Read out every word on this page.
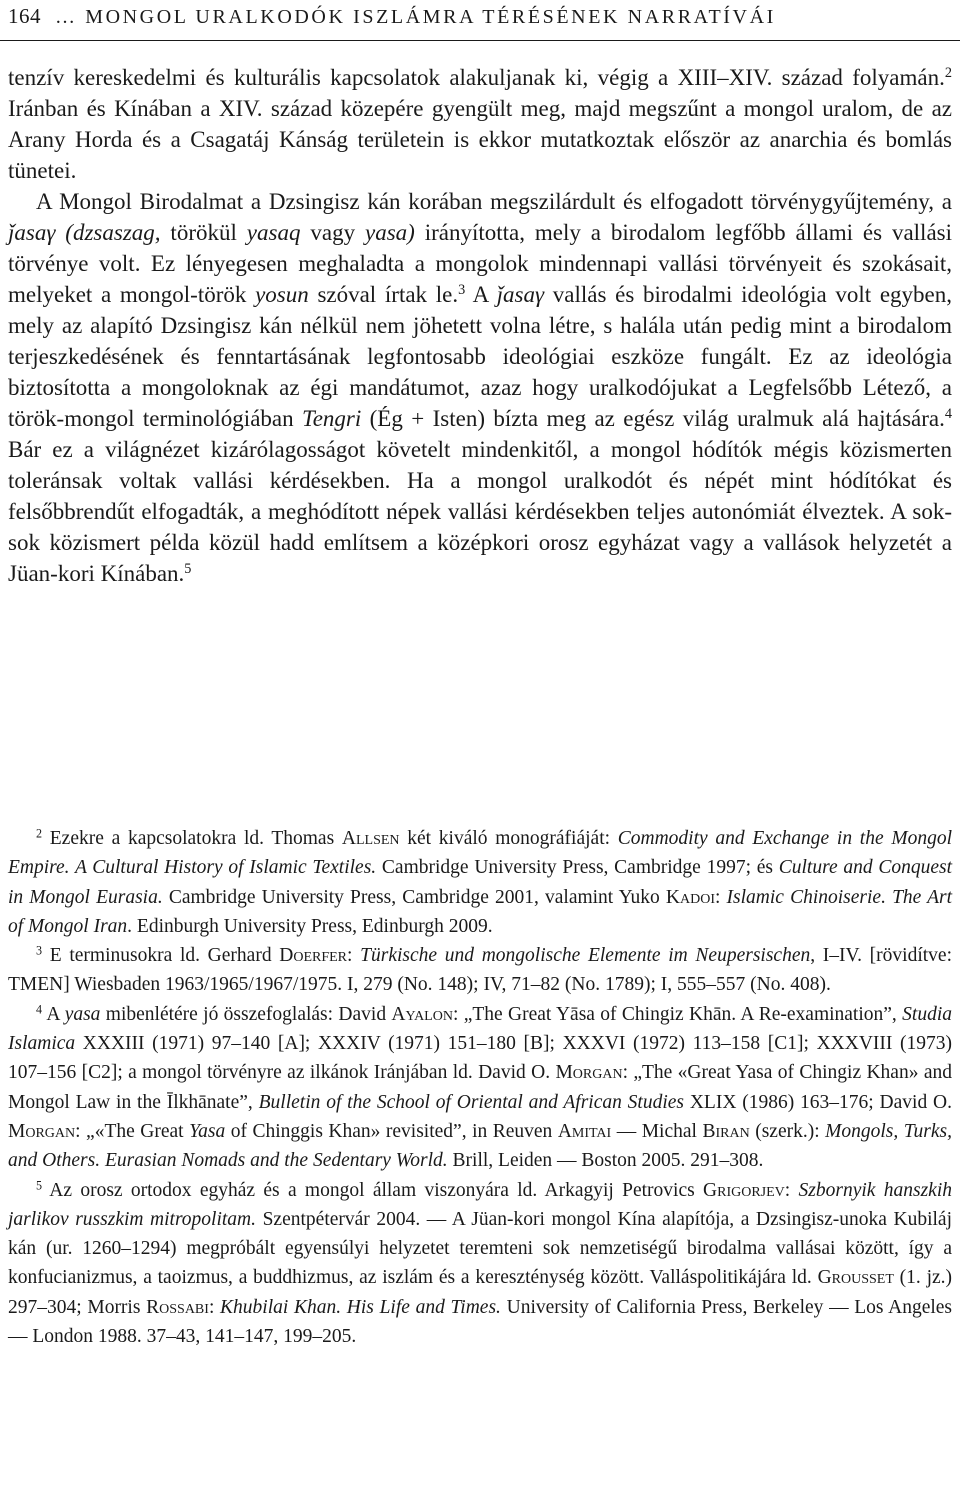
164 … MONGOL URALKODÓK ISZLÁMRA TÉRÉSÉNEK NARRATÍVÁI

tenzív kereskedelmi és kulturális kapcsolatok alakuljanak ki, végig a XIII–XIV. század folyamán.$^2$ Iránban és Kínában a XIV. század közepére gyengült meg, majd megszűnt a mongol uralom, de az Arany Horda és a Csagatáj Kánság területein is ekkor mutatkoztak először az anarchia és bomlás tünetei.

A Mongol Birodalmat a Dzsingisz kán korában megszilárdult és elfogadott törvénygyűjtemény, a ǰasaγ (dzsaszag, törökül yasaq vagy yasa) irányította, mely a birodalom legfőbb állami és vallási törvénye volt. Ez lényegesen meghaladta a mongolok mindennapi vallási törvényeit és szokásait, melyeket a mongol-török yosun szóval írtak le.$^3$ A ǰasaγ vallás és birodalmi ideológia volt egyben, mely az alapító Dzsingisz kán nélkül nem jöhetett volna létre, s halála után pedig mint a birodalom terjeszkedésének és fenntartásának legfontosabb ideológiai eszköze fungált. Ez az ideológia biztosította a mongoloknak az égi mandátumot, azaz hogy uralkodójukat a Legfelsőbb Létező, a török-mongol terminológiában Tengri (Ég + Isten) bízta meg az egész világ uralmuk alá hajtására.$^4$ Bár ez a világnézet kizárólagosságot követelt mindenkitől, a mongol hódítók mégis közismerten toleránsak voltak vallási kérdésekben. Ha a mongol uralkodót és népét mint hódítókat és felsőbbrendűt elfogadták, a meghódított népek vallási kérdésekben teljes autonómiát élveztek. A sok-sok közismert példa közül hadd említsem a középkori orosz egyházat vagy a vallások helyzetét a Jüan-kori Kínában.$^5$

$^2$ Ezekre a kapcsolatokra ld. Thomas Allsen két kiváló monográfiáját: Commodity and Exchange in the Mongol Empire. A Cultural History of Islamic Textiles. Cambridge University Press, Cambridge 1997; és Culture and Conquest in Mongol Eurasia. Cambridge University Press, Cambridge 2001, valamint Yuko Kadoi: Islamic Chinoiserie. The Art of Mongol Iran. Edinburgh University Press, Edinburgh 2009.

$^3$ E terminusokra ld. Gerhard Doerfer: Türkische und mongolische Elemente im Neupersischen, I–IV. [rövidítve: TMEN] Wiesbaden 1963/1965/1967/1975. I, 279 (No. 148); IV, 71–82 (No. 1789); I, 555–557 (No. 408).

$^4$ A yasa mibenlétére jó összefoglalás: David Ayalon: „The Great Yāsa of Chingiz Khān. A Re-examination”, Studia Islamica XXXIII (1971) 97–140 [A]; XXXIV (1971) 151–180 [B]; XXXVI (1972) 113–158 [C1]; XXXVIII (1973) 107–156 [C2]; a mongol törvényre az ilkánok Iránjában ld. David O. Morgan: „The «Great Yasa of Chingiz Khan» and Mongol Law in the Īlkhānate”, Bulletin of the School of Oriental and African Studies XLIX (1986) 163–176; David O. Morgan: „«The Great Yasa of Chinggis Khan» revisited”, in Reuven Amitai — Michal Biran (szerk.): Mongols, Turks, and Others. Eurasian Nomads and the Sedentary World. Brill, Leiden — Boston 2005. 291–308.

$^5$ Az orosz ortodox egyház és a mongol állam viszonyára ld. Arkagyij Petrovics Grigorjev: Szbornyik hanszkih jarlikov russzkim mitropolitam. Szentpétervár 2004. — A Jüan-kori mongol Kína alapítója, a Dzsingisz-unoka Kubiláj kán (ur. 1260–1294) megpróbált egyensúlyi helyzetet teremteni sok nemzetiségű birodalma vallásai között, így a konfucianizmus, a taoizmus, a buddhizmus, az iszlám és a kereszténység között. Valláspolitikájára ld. Grousset (1. jz.) 297–304; Morris Rossabi: Khubilai Khan. His Life and Times. University of California Press, Berkeley — Los Angeles — London 1988. 37–43, 141–147, 199–205.
